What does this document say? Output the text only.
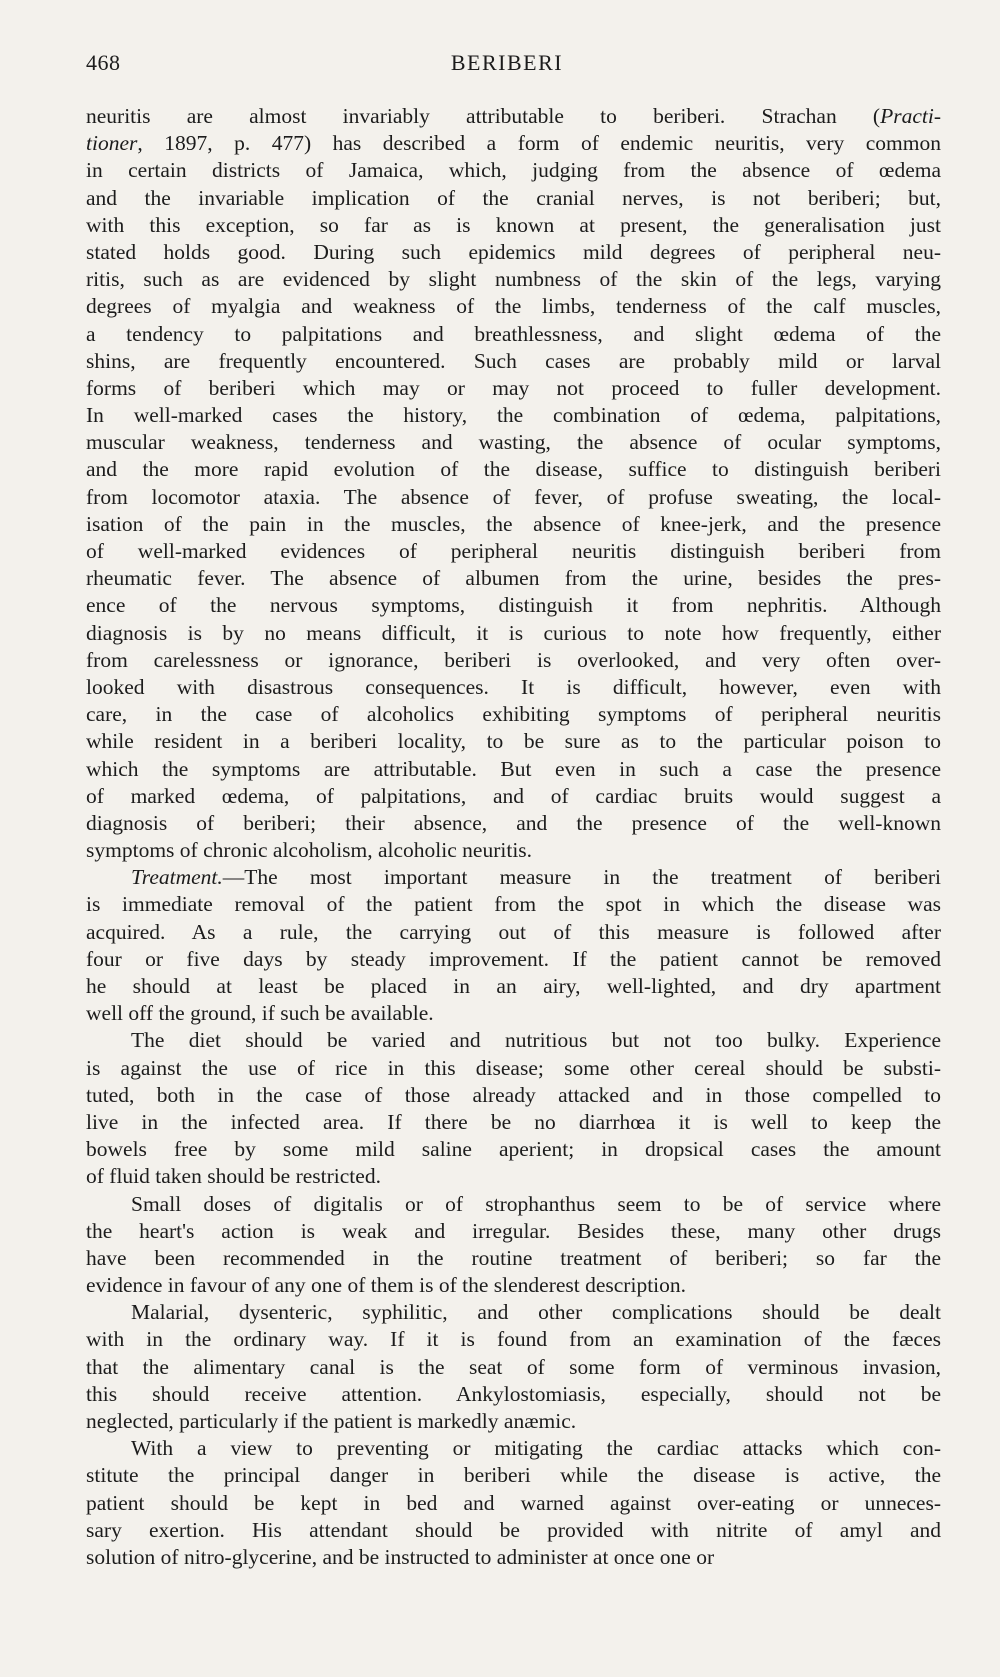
468	BERIBERI
neuritis are almost invariably attributable to beriberi. Strachan (Practi-
tioner, 1897, p. 477) has described a form of endemic neuritis, very common
in certain districts of Jamaica, which, judging from the absence of œdema
and the invariable implication of the cranial nerves, is not beriberi; but,
with this exception, so far as is known at present, the generalisation just
stated holds good. During such epidemics mild degrees of peripheral neu-
ritis, such as are evidenced by slight numbness of the skin of the legs, varying
degrees of myalgia and weakness of the limbs, tenderness of the calf muscles,
a tendency to palpitations and breathlessness, and slight œdema of the
shins, are frequently encountered. Such cases are probably mild or larval
forms of beriberi which may or may not proceed to fuller development.
In well-marked cases the history, the combination of œdema, palpitations,
muscular weakness, tenderness and wasting, the absence of ocular symptoms,
and the more rapid evolution of the disease, suffice to distinguish beriberi
from locomotor ataxia. The absence of fever, of profuse sweating, the local-
isation of the pain in the muscles, the absence of knee-jerk, and the presence
of well-marked evidences of peripheral neuritis distinguish beriberi from
rheumatic fever. The absence of albumen from the urine, besides the pres-
ence of the nervous symptoms, distinguish it from nephritis. Although
diagnosis is by no means difficult, it is curious to note how frequently, either
from carelessness or ignorance, beriberi is overlooked, and very often over-
looked with disastrous consequences. It is difficult, however, even with
care, in the case of alcoholics exhibiting symptoms of peripheral neuritis
while resident in a beriberi locality, to be sure as to the particular poison to
which the symptoms are attributable. But even in such a case the presence
of marked œdema, of palpitations, and of cardiac bruits would suggest a
diagnosis of beriberi; their absence, and the presence of the well-known
symptoms of chronic alcoholism, alcoholic neuritis.
Treatment.—The most important measure in the treatment of beriberi
is immediate removal of the patient from the spot in which the disease was
acquired. As a rule, the carrying out of this measure is followed after
four or five days by steady improvement. If the patient cannot be removed
he should at least be placed in an airy, well-lighted, and dry apartment
well off the ground, if such be available.
The diet should be varied and nutritious but not too bulky. Experience
is against the use of rice in this disease; some other cereal should be substi-
tuted, both in the case of those already attacked and in those compelled to
live in the infected area. If there be no diarrhœa it is well to keep the
bowels free by some mild saline aperient; in dropsical cases the amount
of fluid taken should be restricted.
Small doses of digitalis or of strophanthus seem to be of service where
the heart's action is weak and irregular. Besides these, many other drugs
have been recommended in the routine treatment of beriberi; so far the
evidence in favour of any one of them is of the slenderest description.
Malarial, dysenteric, syphilitic, and other complications should be dealt
with in the ordinary way. If it is found from an examination of the fæces
that the alimentary canal is the seat of some form of verminous invasion,
this should receive attention. Ankylostomiasis, especially, should not be
neglected, particularly if the patient is markedly anæmic.
With a view to preventing or mitigating the cardiac attacks which con-
stitute the principal danger in beriberi while the disease is active, the
patient should be kept in bed and warned against over-eating or unneces-
sary exertion. His attendant should be provided with nitrite of amyl and
solution of nitro-glycerine, and be instructed to administer at once one or
